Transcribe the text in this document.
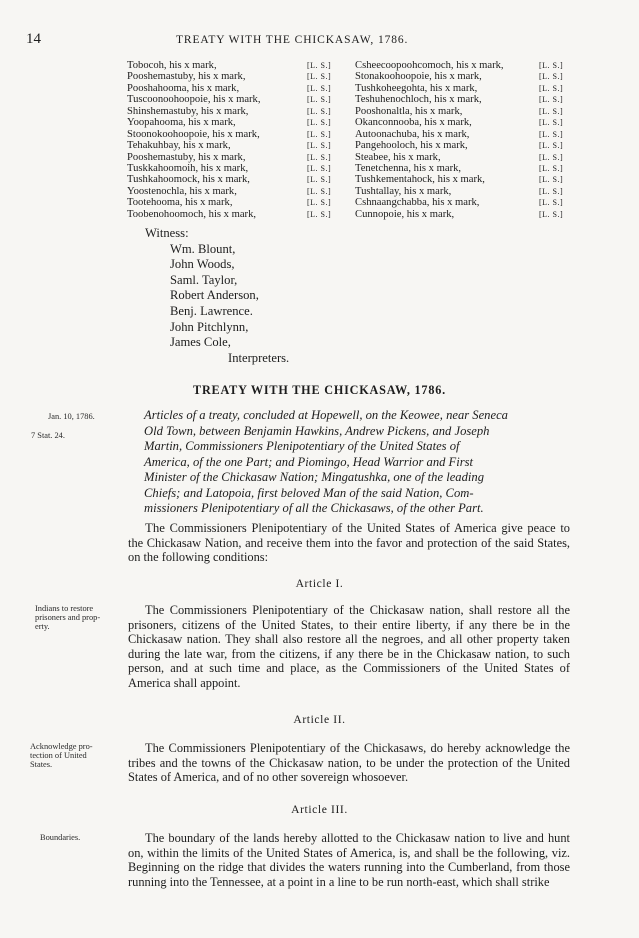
14	TREATY WITH THE CHICKASAW, 1786.
Tobocoh, his x mark,	[L. S.]
Pooshemastuby, his x mark,	[L. S.]
Pooshahooma, his x mark,	[L. S.]
Tuscoonoohoopoie, his x mark,	[L. S.]
Shinshemastuby, his x mark,	[L. S.]
Yoopahooma, his x mark,	[L. S.]
Stoonokoohoopoie, his x mark,	[L. S.]
Tehakuhbay, his x mark,	[L. S.]
Pooshemastuby, his x mark,	[L. S.]
Tuskkahoomoih, his x mark,	[L. S.]
Tushkahoomock, his x mark,	[L. S.]
Yoostenochla, his x mark,	[L. S.]
Tootehooma, his x mark,	[L. S.]
Toobenohoomoch, his x mark,	[L. S.]
Csheecoopoohcomoch, his x mark,	[L. S.]
Stonakoohoopoie, his x mark,	[L. S.]
Tushkoheegohta, his x mark,	[L. S.]
Teshuhenochloch, his x mark,	[L. S.]
Pooshonaltla, his x mark,	[L. S.]
Okanconnooba, his x mark,	[L. S.]
Autoonachuba, his x mark,	[L. S.]
Pangehooloch, his x mark,	[L. S.]
Steabee, his x mark,	[L. S.]
Tenetchenna, his x mark,	[L. S.]
Tushkementahock, his x mark,	[L. S.]
Tushtallay, his x mark,	[L. S.]
Cshnaangchabba, his x mark,	[L. S.]
Cunnopoie, his x mark,	[L. S.]
Witness:
Wm. Blount,
John Woods,
Saml. Taylor,
Robert Anderson,
Benj. Lawrence.
John Pitchlynn,
James Cole,
Interpreters.
TREATY WITH THE CHICKASAW, 1786.
Jan. 10, 1786.
7 Stat. 24.
Articles of a treaty, concluded at Hopewell, on the Keowee, near Seneca
Old Town, between Benjamin Hawkins, Andrew Pickens, and Joseph
Martin, Commissioners Plenipotentiary of the United States of
America, of the one Part; and Piomingo, Head Warrior and First
Minister of the Chickasaw Nation; Mingatushka, one of the leading
Chiefs; and Latopoia, first beloved Man of the said Nation, Com-
missioners Plenipotentiary of all the Chickasaws, of the other Part.
The Commissioners Plenipotentiary of the United States of America give peace to the Chickasaw Nation, and receive them into the favor and protection of the said States, on the following conditions:
Article I.
Indians to restore
prisoners and prop-
erty.
The Commissioners Plenipotentiary of the Chickasaw nation, shall restore all the prisoners, citizens of the United States, to their entire liberty, if any there be in the Chickasaw nation. They shall also restore all the negroes, and all other property taken during the late war, from the citizens, if any there be in the Chickasaw nation, to such person, and at such time and place, as the Commissioners of the United States of America shall appoint.
Article II.
Acknowledge pro-
tection of United
States.
The Commissioners Plenipotentiary of the Chickasaws, do hereby acknowledge the tribes and the towns of the Chickasaw nation, to be under the protection of the United States of America, and of no other sovereign whosoever.
Article III.
Boundaries.	The boundary of the lands hereby allotted to the Chickasaw nation to live and hunt on, within the limits of the United States of America, is, and shall be the following, viz. Beginning on the ridge that divides the waters running into the Cumberland, from those running into the Tennessee, at a point in a line to be run north-east, which shall strike
